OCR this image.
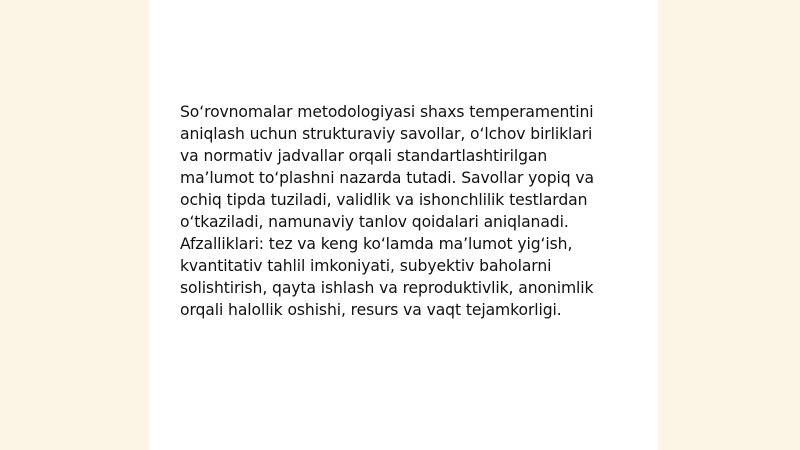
So‘rovnomalar metodologiyasi shaxs temperamentini
aniqlash uchun strukturaviy savollar, o‘lchov birliklari
va normativ jadvallar orqali standartlashtirilgan
ma’lumot to‘plashni nazarda tutadi. Savollar yopiq va
ochiq tipda tuziladi, validlik va ishonchlilik testlardan
o‘tkaziladi, namunaviy tanlov qoidalari aniqlanadi.
Afzalliklari: tez va keng ko‘lamda ma’lumot yig‘ish,
kvantitativ tahlil imkoniyati, subyektiv baholarni
solishtirish, qayta ishlash va reproduktivlik, anonimlik
orqali halollik oshishi, resurs va vaqt tejamkorligi.
